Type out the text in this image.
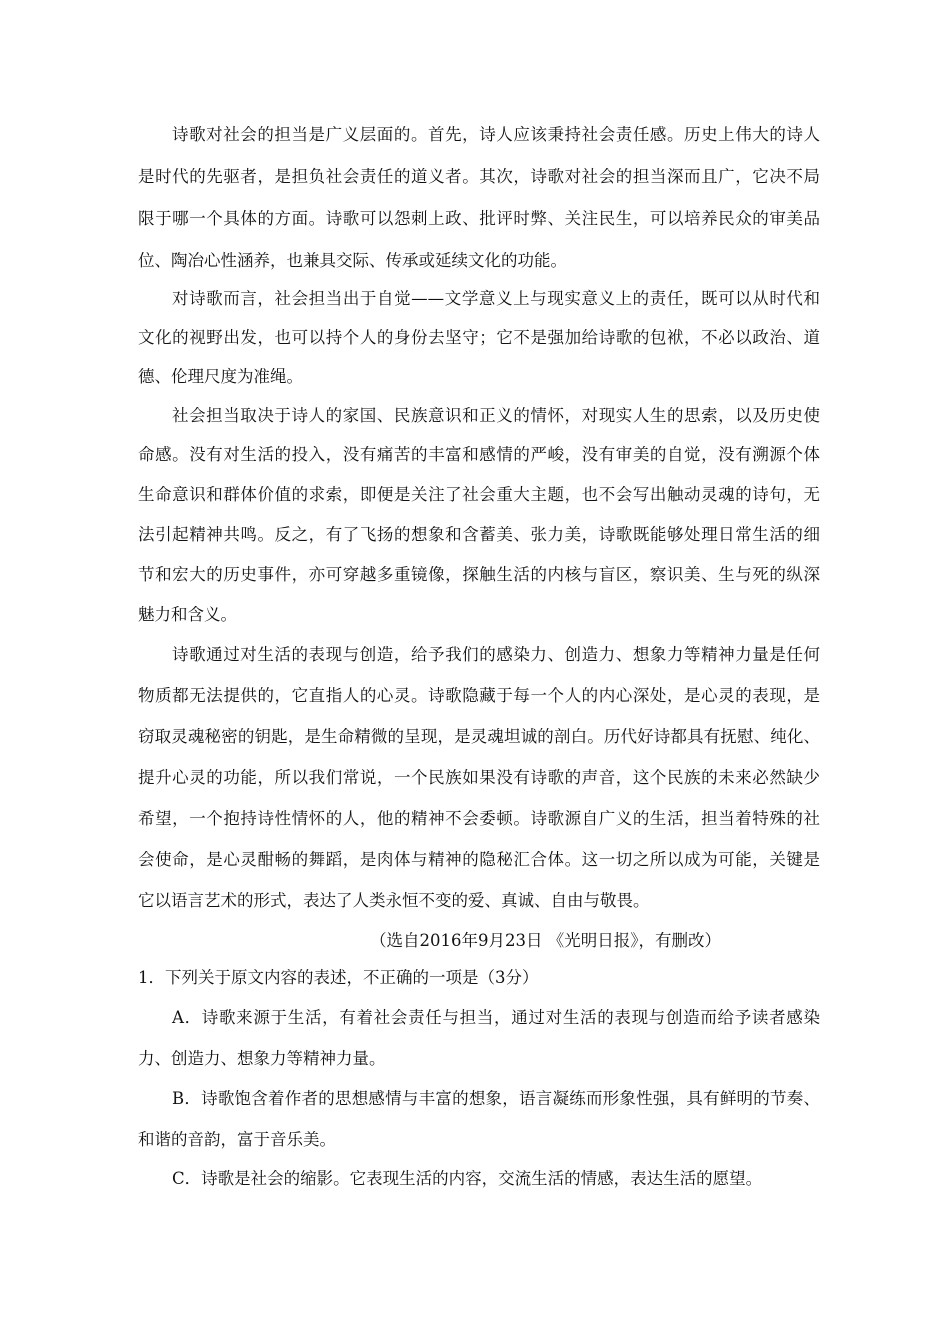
诗歌对社会的担当是广义层面的。首先，诗人应该秉持社会责任感。历史上伟大的诗人
是时代的先驱者，是担负社会责任的道义者。其次，诗歌对社会的担当深而且广，它决不局
限于哪一个具体的方面。诗歌可以怨刺上政、批评时弊、关注民生，可以培养民众的审美品
位、陶冶心性涵养，也兼具交际、传承或延续文化的功能。
对诗歌而言，社会担当出于自觉——文学意义上与现实意义上的责任，既可以从时代和
文化的视野出发，也可以持个人的身份去坚守；它不是强加给诗歌的包袱，不必以政治、道
德、伦理尺度为准绳。
社会担当取决于诗人的家国、民族意识和正义的情怀，对现实人生的思索，以及历史使
命感。没有对生活的投入，没有痛苦的丰富和感情的严峻，没有审美的自觉，没有溯源个体
生命意识和群体价值的求索，即便是关注了社会重大主题，也不会写出触动灵魂的诗句，无
法引起精神共鸣。反之，有了飞扬的想象和含蓄美、张力美，诗歌既能够处理日常生活的细
节和宏大的历史事件，亦可穿越多重镜像，探触生活的内核与盲区，察识美、生与死的纵深
魅力和含义。
诗歌通过对生活的表现与创造，给予我们的感染力、创造力、想象力等精神力量是任何
物质都无法提供的，它直指人的心灵。诗歌隐藏于每一个人的内心深处，是心灵的表现，是
窃取灵魂秘密的钥匙，是生命精微的呈现，是灵魂坦诚的剖白。历代好诗都具有抚慰、纯化、
提升心灵的功能，所以我们常说，一个民族如果没有诗歌的声音，这个民族的未来必然缺少
希望，一个抱持诗性情怀的人，他的精神不会委顿。诗歌源自广义的生活，担当着特殊的社
会使命，是心灵酣畅的舞蹈，是肉体与精神的隐秘汇合体。这一切之所以成为可能，关键是
它以语言艺术的形式，表达了人类永恒不变的爱、真诚、自由与敬畏。
（选自2016年9月23日 《光明日报》，有删改）
1．下列关于原文内容的表述，不正确的一项是（3分）
A．诗歌来源于生活，有着社会责任与担当，通过对生活的表现与创造而给予读者感染
力、创造力、想象力等精神力量。
B．诗歌饱含着作者的思想感情与丰富的想象，语言凝练而形象性强，具有鲜明的节奏、
和谐的音韵，富于音乐美。
C．诗歌是社会的缩影。它表现生活的内容，交流生活的情感，表达生活的愿望。
